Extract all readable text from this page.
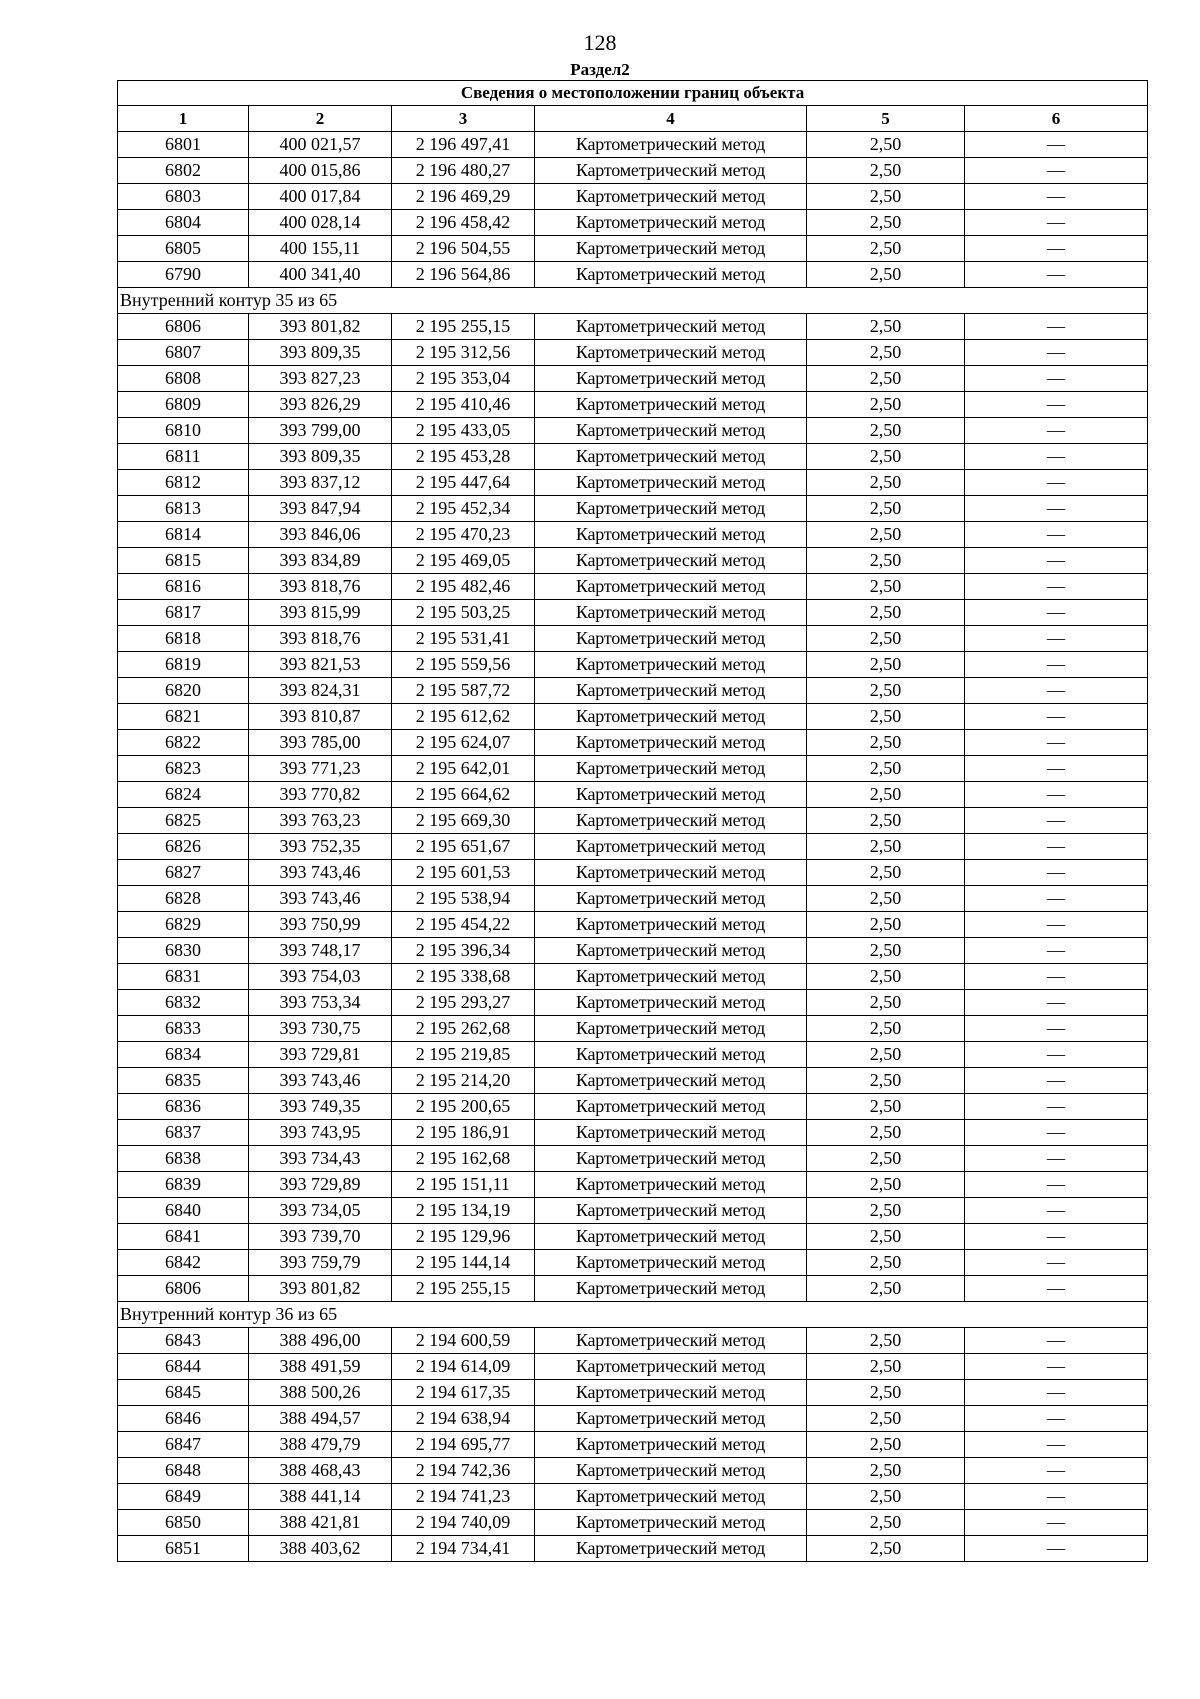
128
Раздел2
Сведения о местоположении границ объекта					
1	2	3	4	5	6
6801	400 021,57	2 196 497,41	Картометрический метод	2,50	—
6802	400 015,86	2 196 480,27	Картометрический метод	2,50	—
6803	400 017,84	2 196 469,29	Картометрический метод	2,50	—
6804	400 028,14	2 196 458,42	Картометрический метод	2,50	—
6805	400 155,11	2 196 504,55	Картометрический метод	2,50	—
6790	400 341,40	2 196 564,86	Картометрический метод	2,50	—
Внутренний контур 35 из 65					
6806	393 801,82	2 195 255,15	Картометрический метод	2,50	—
6807	393 809,35	2 195 312,56	Картометрический метод	2,50	—
6808	393 827,23	2 195 353,04	Картометрический метод	2,50	—
6809	393 826,29	2 195 410,46	Картометрический метод	2,50	—
6810	393 799,00	2 195 433,05	Картометрический метод	2,50	—
6811	393 809,35	2 195 453,28	Картометрический метод	2,50	—
6812	393 837,12	2 195 447,64	Картометрический метод	2,50	—
6813	393 847,94	2 195 452,34	Картометрический метод	2,50	—
6814	393 846,06	2 195 470,23	Картометрический метод	2,50	—
6815	393 834,89	2 195 469,05	Картометрический метод	2,50	—
6816	393 818,76	2 195 482,46	Картометрический метод	2,50	—
6817	393 815,99	2 195 503,25	Картометрический метод	2,50	—
6818	393 818,76	2 195 531,41	Картометрический метод	2,50	—
6819	393 821,53	2 195 559,56	Картометрический метод	2,50	—
6820	393 824,31	2 195 587,72	Картометрический метод	2,50	—
6821	393 810,87	2 195 612,62	Картометрический метод	2,50	—
6822	393 785,00	2 195 624,07	Картометрический метод	2,50	—
6823	393 771,23	2 195 642,01	Картометрический метод	2,50	—
6824	393 770,82	2 195 664,62	Картометрический метод	2,50	—
6825	393 763,23	2 195 669,30	Картометрический метод	2,50	—
6826	393 752,35	2 195 651,67	Картометрический метод	2,50	—
6827	393 743,46	2 195 601,53	Картометрический метод	2,50	—
6828	393 743,46	2 195 538,94	Картометрический метод	2,50	—
6829	393 750,99	2 195 454,22	Картометрический метод	2,50	—
6830	393 748,17	2 195 396,34	Картометрический метод	2,50	—
6831	393 754,03	2 195 338,68	Картометрический метод	2,50	—
6832	393 753,34	2 195 293,27	Картометрический метод	2,50	—
6833	393 730,75	2 195 262,68	Картометрический метод	2,50	—
6834	393 729,81	2 195 219,85	Картометрический метод	2,50	—
6835	393 743,46	2 195 214,20	Картометрический метод	2,50	—
6836	393 749,35	2 195 200,65	Картометрический метод	2,50	—
6837	393 743,95	2 195 186,91	Картометрический метод	2,50	—
6838	393 734,43	2 195 162,68	Картометрический метод	2,50	—
6839	393 729,89	2 195 151,11	Картометрический метод	2,50	—
6840	393 734,05	2 195 134,19	Картометрический метод	2,50	—
6841	393 739,70	2 195 129,96	Картометрический метод	2,50	—
6842	393 759,79	2 195 144,14	Картометрический метод	2,50	—
6806	393 801,82	2 195 255,15	Картометрический метод	2,50	—
Внутренний контур 36 из 65					
6843	388 496,00	2 194 600,59	Картометрический метод	2,50	—
6844	388 491,59	2 194 614,09	Картометрический метод	2,50	—
6845	388 500,26	2 194 617,35	Картометрический метод	2,50	—
6846	388 494,57	2 194 638,94	Картометрический метод	2,50	—
6847	388 479,79	2 194 695,77	Картометрический метод	2,50	—
6848	388 468,43	2 194 742,36	Картометрический метод	2,50	—
6849	388 441,14	2 194 741,23	Картометрический метод	2,50	—
6850	388 421,81	2 194 740,09	Картометрический метод	2,50	—
6851	388 403,62	2 194 734,41	Картометрический метод	2,50	—
